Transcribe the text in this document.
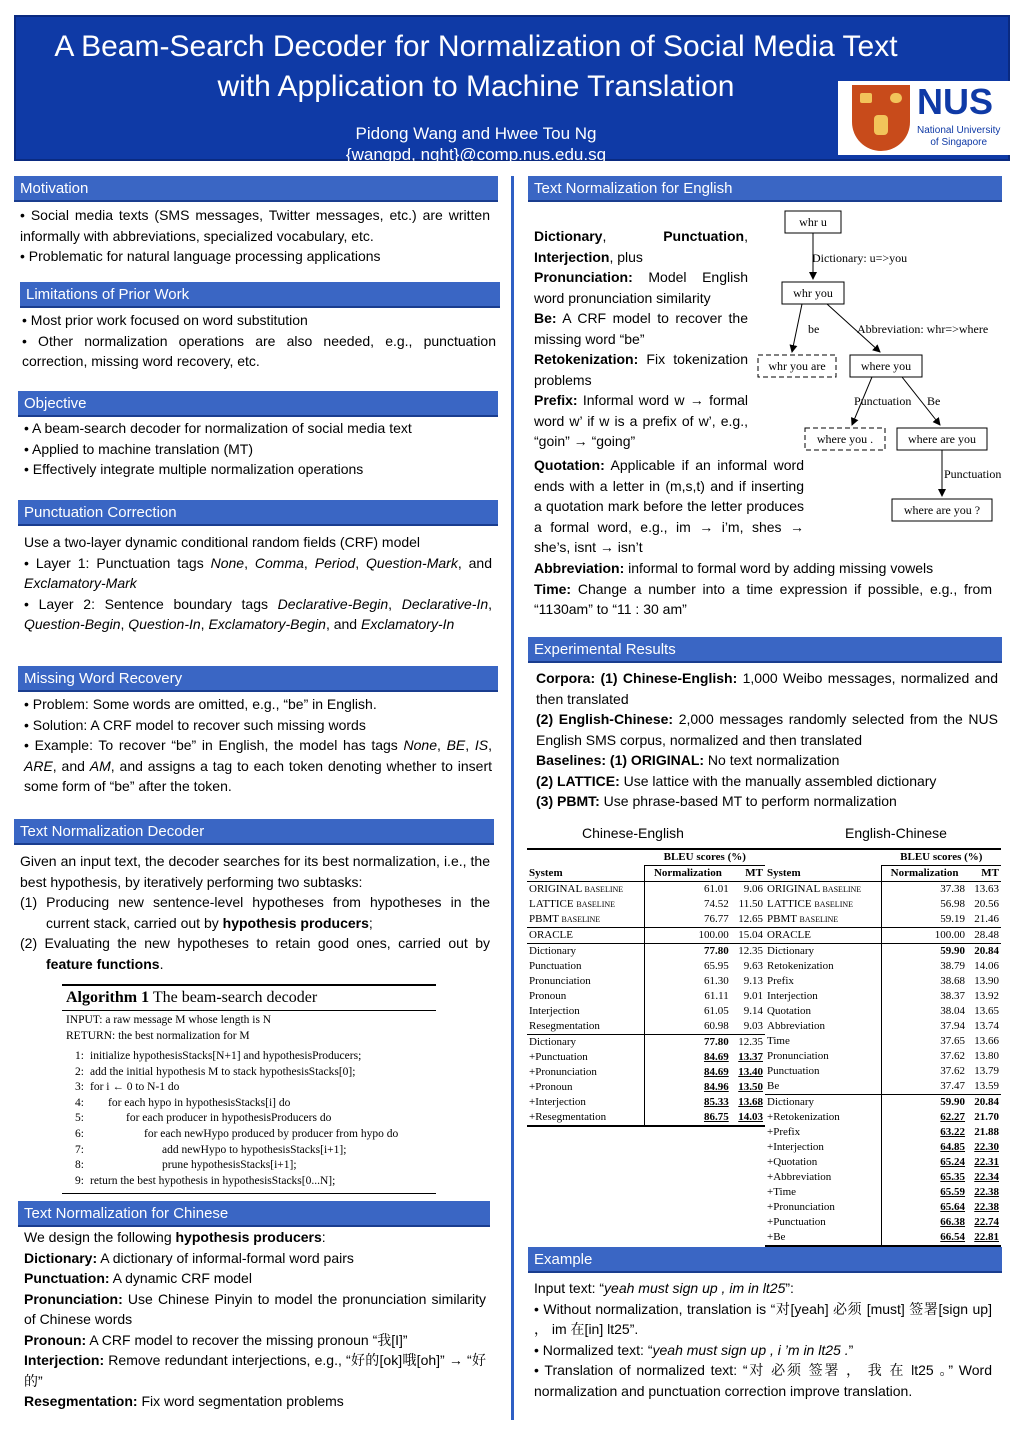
A Beam-Search Decoder for Normalization of Social Media Text
with Application to Machine Translation
Pidong Wang and Hwee Tou Ng
{wangpd, nght}@comp.nus.edu.sg
NUS
National University
of Singapore
Motivation

• Social media texts (SMS messages, Twitter messages, etc.) are written informally with abbreviations, specialized vocabulary, etc.

• Problematic for natural language processing applications

Limitations of Prior Work

• Most prior work focused on word substitution

• Other normalization operations are also needed, e.g., punctuation correction, missing word recovery, etc.

Objective

• A beam-search decoder for normalization of social media text

• Applied to machine translation (MT)

• Effectively integrate multiple normalization operations

Punctuation Correction

Use a two-layer dynamic conditional random fields (CRF) model

• Layer 1: Punctuation tags None, Comma, Period, Question-Mark, and Exclamatory-Mark

• Layer 2: Sentence boundary tags Declarative-Begin, Declarative-In, Question-Begin, Question-In, Exclamatory-Begin, and Exclamatory-In

Missing Word Recovery

• Problem: Some words are omitted, e.g., “be” in English.

• Solution: A CRF model to recover such missing words

• Example: To recover “be” in English, the model has tags None, BE, IS, ARE, and AM, and assigns a tag to each token denoting whether to insert some form of “be” after the token.

Text Normalization Decoder

Given an input text, the decoder searches for its best normalization, i.e., the best hypothesis, by iteratively performing two subtasks:

(1) Producing new sentence-level hypotheses from hypotheses in the current stack, carried out by hypothesis producers;

(2) Evaluating the new hypotheses to retain good ones, carried out by feature functions.

Algorithm 1 The beam-search decoder
INPUT: a raw message M whose length is N
RETURN: the best normalization for M
1: initialize hypothesisStacks[N+1] and hypothesisProducers;
2: add the initial hypothesis M to stack hypothesisStacks[0];
3: for i ← 0 to N-1 do
4:	for each hypo in hypothesisStacks[i] do
5:	for each producer in hypothesisProducers do
6:	for each newHypo produced by producer from hypo do
7:	add newHypo to hypothesisStacks[i+1];
8:	prune hypothesisStacks[i+1];
9: return the best hypothesis in hypothesisStacks[0...N];
Text Normalization for Chinese

We design the following hypothesis producers:

Dictionary: A dictionary of informal-formal word pairs

Punctuation: A dynamic CRF model

Pronunciation: Use Chinese Pinyin to model the pronunciation similarity of Chinese words

Pronoun: A CRF model to recover the missing pronoun “我[I]”

Interjection: Remove redundant interjections, e.g., “好的[ok]哦[oh]” → “好的”

Resegmentation: Fix word segmentation problems

Text Normalization for English

Dictionary, Punctuation, Interjection, plus

Pronunciation: Model English word pronunciation similarity

Be: A CRF model to recover the missing word “be”

Retokenization: Fix tokenization problems

Prefix: Informal word w → formal word w’ if w is a prefix of w’, e.g., “goin” → “going”

Quotation: Applicable if an informal word ends with a letter in (m,s,t) and if inserting a quotation mark before the letter produces a formal word, e.g., im → i’m, shes → she’s, isnt → isn’t

Abbreviation: informal to formal word by adding missing vowels

Time: Change a number into a time expression if possible, e.g., from “1130am” to “11 : 30 am”

whr u
Dictionary: u=>you
whr you
be	Abbreviation: whr=>where
whr you are	where you
Punctuation Be
where you .	where are you
Punctuation
where are you ?
Experimental Results

Corpora: (1) Chinese-English: 1,000 Weibo messages, normalized and then translated

(2) English-Chinese: 2,000 messages randomly selected from the NUS English SMS corpus, normalized and then translated

Baselines: (1) ORIGINAL: No text normalization

(2) LATTICE: Use lattice with the manually assembled dictionary

(3) PBMT: Use phrase-based MT to perform normalization

Chinese-English	English-Chinese
	BLEU scores (%)	
System	Normalization	MT
ORIGINAL baseline	61.01	9.06
LATTICE baseline	74.52	11.50
PBMT baseline	76.77	12.65
ORACLE	100.00	15.04
Dictionary	77.80	12.35
Punctuation	65.95	9.63
Pronunciation	61.30	9.13
Pronoun	61.11	9.01
Interjection	61.05	9.14
Resegmentation	60.98	9.03
Dictionary	77.80	12.35
+Punctuation	84.69	13.37
+Pronunciation	84.69	13.40
+Pronoun	84.96	13.50
+Interjection	85.33	13.68
+Resegmentation	86.75	14.03
	BLEU scores (%)	
System	Normalization	MT
ORIGINAL baseline	37.38	13.63
LATTICE baseline	56.98	20.56
PBMT baseline	59.19	21.46
ORACLE	100.00	28.48
Dictionary	59.90	20.84
Retokenization	38.79	14.06
Prefix	38.68	13.90
Interjection	38.37	13.92
Quotation	38.04	13.65
Abbreviation	37.94	13.74
Time	37.65	13.66
Pronunciation	37.62	13.80
Punctuation	37.62	13.79
Be	37.47	13.59
Dictionary	59.90	20.84
+Retokenization	62.27	21.70
+Prefix	63.22	21.88
+Interjection	64.85	22.30
+Quotation	65.24	22.31
+Abbreviation	65.35	22.34
+Time	65.59	22.38
+Pronunciation	65.64	22.38
+Punctuation	66.38	22.74
+Be	66.54	22.81
Example

Input text: “yeah must sign up , im in lt25”:

• Without normalization, translation is “对[yeah] 必须 [must] 签署[sign up] ， im 在[in] lt25”.

• Normalized text: “yeah must sign up , i ’m in lt25 .”

• Translation of normalized text: “对 必须 签署 ， 我 在 lt25 。” Word normalization and punctuation correction improve translation.
